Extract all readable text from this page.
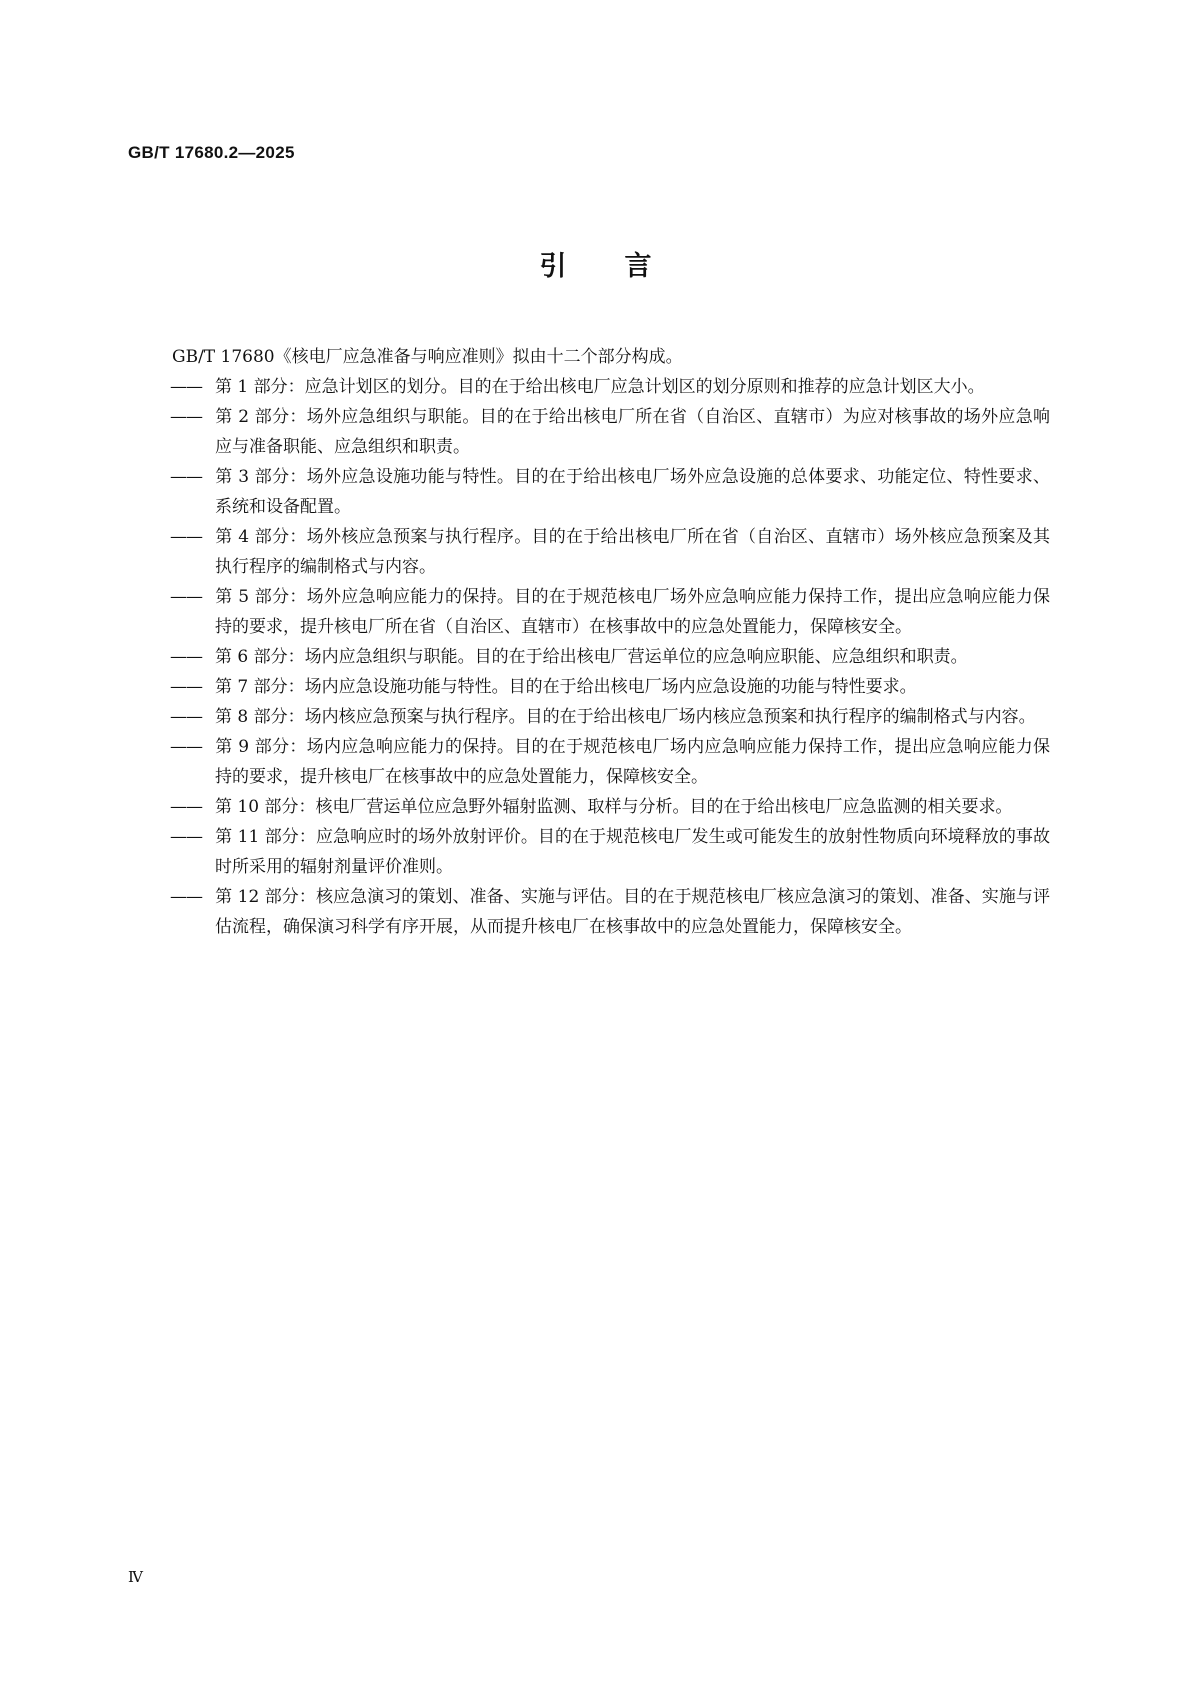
GB/T 17680.2—2025
引言

GB/T 17680《核电厂应急准备与响应准则》拟由十二个部分构成。

—— 第 1 部分：应急计划区的划分。目的在于给出核电厂应急计划区的划分原则和推荐的应急计划区大小。
—— 第 2 部分：场外应急组织与职能。目的在于给出核电厂所在省（自治区、直辖市）为应对核事故的场外应急响应与准备职能、应急组织和职责。
—— 第 3 部分：场外应急设施功能与特性。目的在于给出核电厂场外应急设施的总体要求、功能定位、特性要求、系统和设备配置。
—— 第 4 部分：场外核应急预案与执行程序。目的在于给出核电厂所在省（自治区、直辖市）场外核应急预案及其执行程序的编制格式与内容。
—— 第 5 部分：场外应急响应能力的保持。目的在于规范核电厂场外应急响应能力保持工作，提出应急响应能力保持的要求，提升核电厂所在省（自治区、直辖市）在核事故中的应急处置能力，保障核安全。
—— 第 6 部分：场内应急组织与职能。目的在于给出核电厂营运单位的应急响应职能、应急组织和职责。
—— 第 7 部分：场内应急设施功能与特性。目的在于给出核电厂场内应急设施的功能与特性要求。
—— 第 8 部分：场内核应急预案与执行程序。目的在于给出核电厂场内核应急预案和执行程序的编制格式与内容。
—— 第 9 部分：场内应急响应能力的保持。目的在于规范核电厂场内应急响应能力保持工作，提出应急响应能力保持的要求，提升核电厂在核事故中的应急处置能力，保障核安全。
—— 第 10 部分：核电厂营运单位应急野外辐射监测、取样与分析。目的在于给出核电厂应急监测的相关要求。
—— 第 11 部分：应急响应时的场外放射评价。目的在于规范核电厂发生或可能发生的放射性物质向环境释放的事故时所采用的辐射剂量评价准则。
—— 第 12 部分：核应急演习的策划、准备、实施与评估。目的在于规范核电厂核应急演习的策划、准备、实施与评估流程，确保演习科学有序开展，从而提升核电厂在核事故中的应急处置能力，保障核安全。
Ⅳ
